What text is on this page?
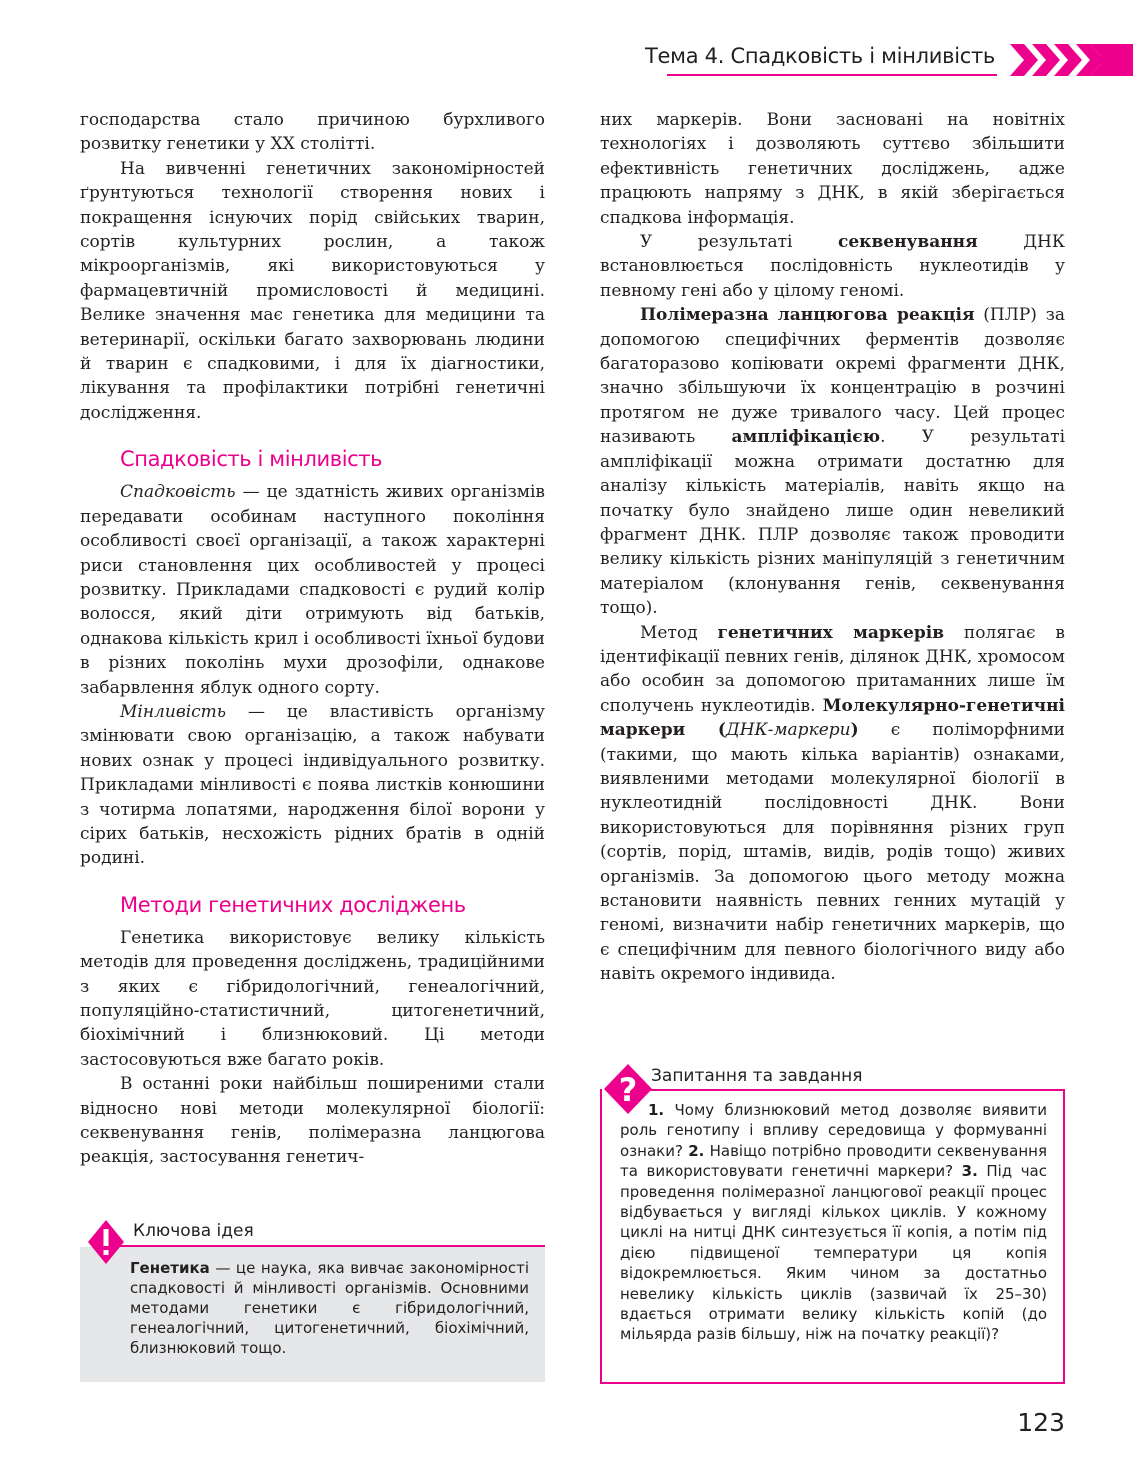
Тема 4. Спадковість і мінливість

господарства стало причиною бурхливого розвитку генетики у XX столітті.

На вивченні генетичних закономірностей ґрунтуються технології створення нових і покращення існуючих порід свійських тварин, сортів культурних рослин, а також мікроорганізмів, які використовуються у фармацевтичній промисловості й медицині. Велике значення має генетика для медицини та ветеринарії, оскільки багато захворювань людини й тварин є спадковими, і для їх діагностики, лікування та профілактики потрібні генетичні дослідження.

Спадковість і мінливість

Спадковість — це здатність живих організмів передавати особинам наступного покоління особливості своєї організації, а також характерні риси становлення цих особливостей у процесі розвитку. Прикладами спадковості є рудий колір волосся, який діти отримують від батьків, однакова кількість крил і особливості їхньої будови в різних поколінь мухи дрозофіли, однакове забарвлення яблук одного сорту.

Мінливість — це властивість організму змінювати свою організацію, а також набувати нових ознак у процесі індивідуального розвитку. Прикладами мінливості є поява листків конюшини з чотирма лопатями, народження білої ворони у сірих батьків, несхожість рідних братів в одній родині.

Методи генетичних досліджень

Генетика використовує велику кількість методів для проведення досліджень, традиційними з яких є гібридологічний, генеалогічний, популяційно-статистичний, цитогенетичний, біохімічний і близнюковий. Ці методи застосовуються вже багато років.

В останні роки найбільш поширеними стали відносно нові методи молекулярної біології: секвенування генів, полімеразна ланцюгова реакція, застосування генетич-

них маркерів. Вони засновані на новітніх технологіях і дозволяють суттєво збільшити ефективність генетичних досліджень, адже працюють напряму з ДНК, в якій зберігається спадкова інформація.

У результаті секвенування ДНК встановлюється послідовність нуклеотидів у певному гені або у цілому геномі.

Полімеразна ланцюгова реакція (ПЛР) за допомогою специфічних ферментів дозволяє багаторазово копіювати окремі фрагменти ДНК, значно збільшуючи їх концентрацію в розчині протягом не дуже тривалого часу. Цей процес називають ампліфікацією. У результаті ампліфікації можна отримати достатню для аналізу кількість матеріалів, навіть якщо на початку було знайдено лише один невеликий фрагмент ДНК. ПЛР дозволяє також проводити велику кількість різних маніпуляцій з генетичним матеріалом (клонування генів, секвенування тощо).

Метод генетичних маркерів полягає в ідентифікації певних генів, ділянок ДНК, хромосом або особин за допомогою притаманних лише їм сполучень нуклеотидів. Молекулярно-генетичні маркери (ДНК-маркери) є поліморфними (такими, що мають кілька варіантів) ознаками, виявленими методами молекулярної біології в нуклеотидній послідовності ДНК. Вони використовуються для порівняння різних груп (сортів, порід, штамів, видів, родів тощо) живих організмів. За допомогою цього методу можна встановити наявність певних генних мутацій у геномі, визначити набір генетичних маркерів, що є специфічним для певного біологічного виду або навіть окремого індивида.

Генетика — це наука, яка вивчає закономірності спадковості й мінливості організмів. Основними методами генетики є гібридологічний, генеалогічний, цитогенетичний, біохімічний, близнюковий тощо.
Ключова ідея
? Запитання та завдання

1. Чому близнюковий метод дозволяє виявити роль генотипу і впливу середовища у формуванні ознаки? 2. Навіщо потрібно проводити секвенування та використовувати генетичні маркери? 3. Під час проведення полімеразної ланцюгової реакції процес відбувається у вигляді кількох циклів. У кожному циклі на нитці ДНК синтезується її копія, а потім під дією підвищеної температури ця копія відокремлюється. Яким чином за достатньо невелику кількість циклів (зазвичай їх 25–30) вдається отримати велику кількість копій (до мільярда разів більшу, ніж на початку реакції)?

123
